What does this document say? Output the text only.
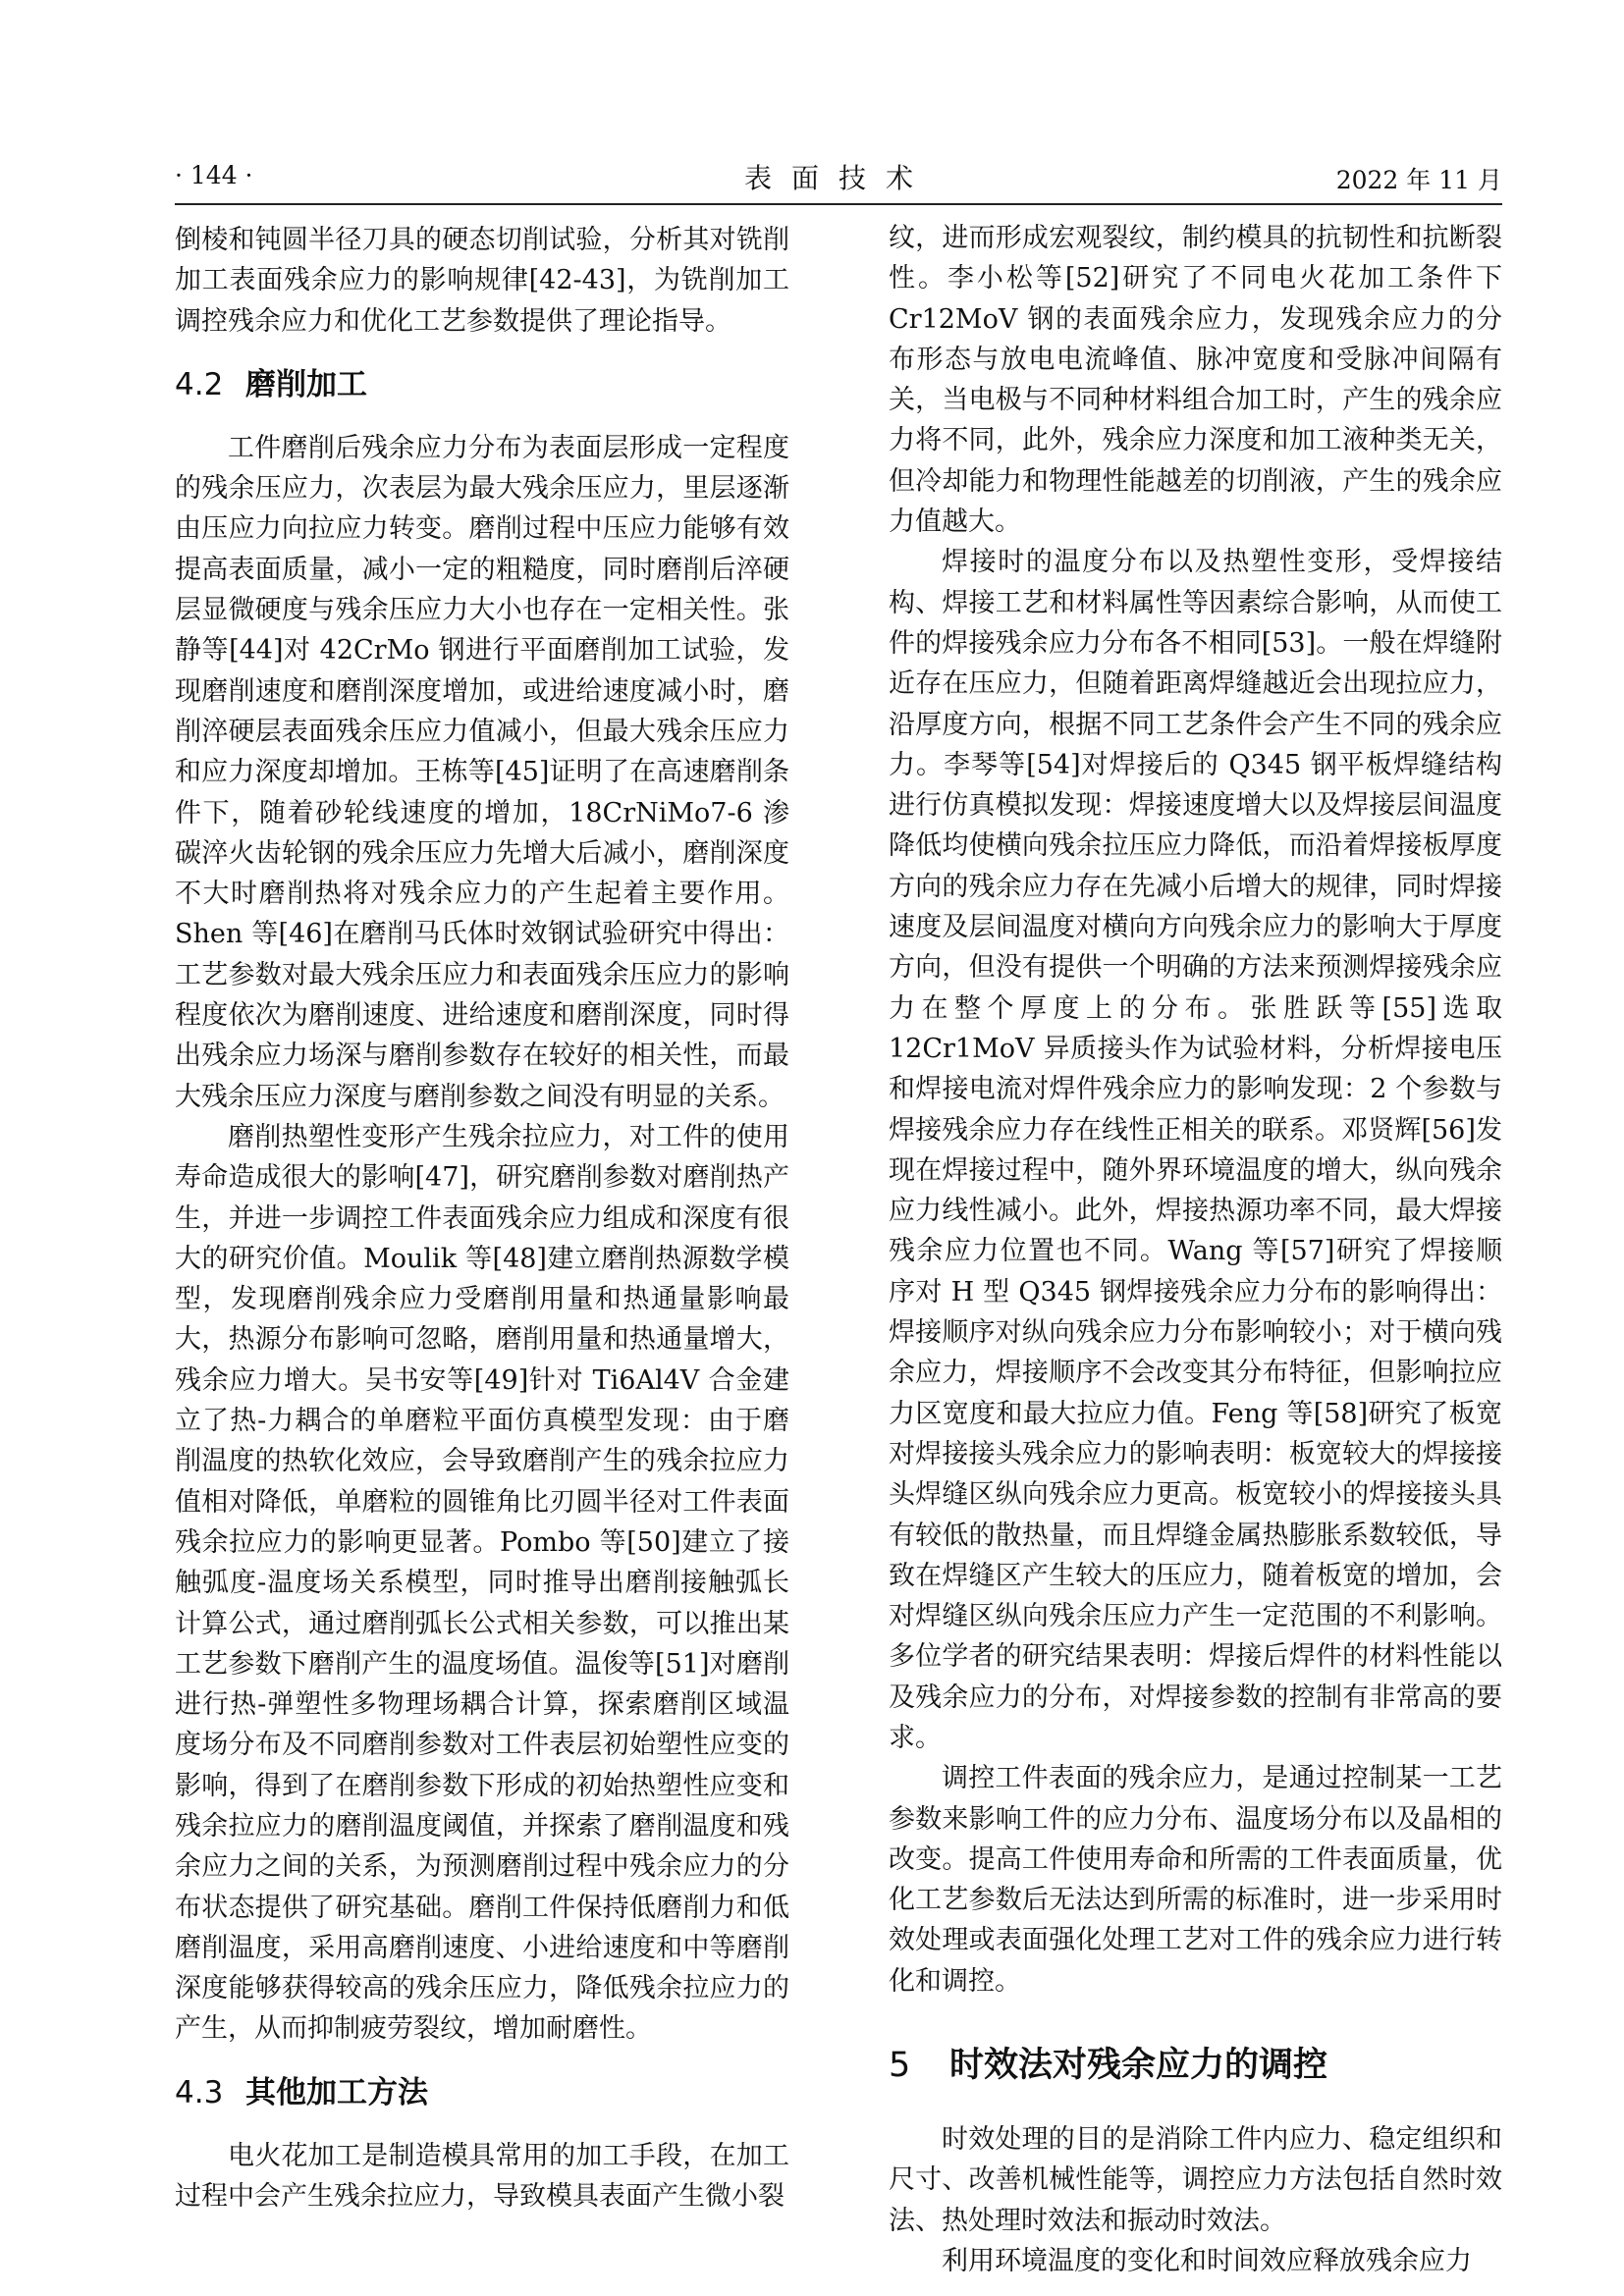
· 144 ·	表面技术	2022 年 11 月

倒棱和钝圆半径刀具的硬态切削试验，分析其对铣削加工表面残余应力的影响规律[42-43]，为铣削加工调控残余应力和优化工艺参数提供了理论指导。

4.2 磨削加工

工件磨削后残余应力分布为表面层形成一定程度的残余压应力，次表层为最大残余压应力，里层逐渐由压应力向拉应力转变。磨削过程中压应力能够有效提高表面质量，减小一定的粗糙度，同时磨削后淬硬层显微硬度与残余压应力大小也存在一定相关性。张静等[44]对 42CrMo 钢进行平面磨削加工试验，发现磨削速度和磨削深度增加，或进给速度减小时，磨削淬硬层表面残余压应力值减小，但最大残余压应力和应力深度却增加。王栋等[45]证明了在高速磨削条件下，随着砂轮线速度的增加，18CrNiMo7-6 渗碳淬火齿轮钢的残余压应力先增大后减小，磨削深度不大时磨削热将对残余应力的产生起着主要作用。Shen 等[46]在磨削马氏体时效钢试验研究中得出：工艺参数对最大残余压应力和表面残余压应力的影响程度依次为磨削速度、进给速度和磨削深度，同时得出残余应力场深与磨削参数存在较好的相关性，而最大残余压应力深度与磨削参数之间没有明显的关系。

磨削热塑性变形产生残余拉应力，对工件的使用寿命造成很大的影响[47]，研究磨削参数对磨削热产生，并进一步调控工件表面残余应力组成和深度有很大的研究价值。Moulik 等[48]建立磨削热源数学模型，发现磨削残余应力受磨削用量和热通量影响最大，热源分布影响可忽略，磨削用量和热通量增大，残余应力增大。吴书安等[49]针对 Ti6Al4V 合金建立了热-力耦合的单磨粒平面仿真模型发现：由于磨削温度的热软化效应，会导致磨削产生的残余拉应力值相对降低，单磨粒的圆锥角比刃圆半径对工件表面残余拉应力的影响更显著。Pombo 等[50]建立了接触弧度-温度场关系模型，同时推导出磨削接触弧长计算公式，通过磨削弧长公式相关参数，可以推出某工艺参数下磨削产生的温度场值。温俊等[51]对磨削进行热-弹塑性多物理场耦合计算，探索磨削区域温度场分布及不同磨削参数对工件表层初始塑性应变的影响，得到了在磨削参数下形成的初始热塑性应变和残余拉应力的磨削温度阈值，并探索了磨削温度和残余应力之间的关系，为预测磨削过程中残余应力的分布状态提供了研究基础。磨削工件保持低磨削力和低磨削温度，采用高磨削速度、小进给速度和中等磨削深度能够获得较高的残余压应力，降低残余拉应力的产生，从而抑制疲劳裂纹，增加耐磨性。

4.3 其他加工方法

电火花加工是制造模具常用的加工手段，在加工过程中会产生残余拉应力，导致模具表面产生微小裂

纹，进而形成宏观裂纹，制约模具的抗韧性和抗断裂性。李小松等[52]研究了不同电火花加工条件下 Cr12MoV 钢的表面残余应力，发现残余应力的分布形态与放电电流峰值、脉冲宽度和受脉冲间隔有关，当电极与不同种材料组合加工时，产生的残余应力将不同，此外，残余应力深度和加工液种类无关，但冷却能力和物理性能越差的切削液，产生的残余应力值越大。

焊接时的温度分布以及热塑性变形，受焊接结构、焊接工艺和材料属性等因素综合影响，从而使工件的焊接残余应力分布各不相同[53]。一般在焊缝附近存在压应力，但随着距离焊缝越近会出现拉应力，沿厚度方向，根据不同工艺条件会产生不同的残余应力。李琴等[54]对焊接后的 Q345 钢平板焊缝结构进行仿真模拟发现：焊接速度增大以及焊接层间温度降低均使横向残余拉压应力降低，而沿着焊接板厚度方向的残余应力存在先减小后增大的规律，同时焊接速度及层间温度对横向方向残余应力的影响大于厚度方向，但没有提供一个明确的方法来预测焊接残余应力在整个厚度上的分布。张胜跃等[55]选取 12Cr1MoV 异质接头作为试验材料，分析焊接电压和焊接电流对焊件残余应力的影响发现：2 个参数与焊接残余应力存在线性正相关的联系。邓贤辉[56]发现在焊接过程中，随外界环境温度的增大，纵向残余应力线性减小。此外，焊接热源功率不同，最大焊接残余应力位置也不同。Wang 等[57]研究了焊接顺序对 H 型 Q345 钢焊接残余应力分布的影响得出：焊接顺序对纵向残余应力分布影响较小；对于横向残余应力，焊接顺序不会改变其分布特征，但影响拉应力区宽度和最大拉应力值。Feng 等[58]研究了板宽对焊接接头残余应力的影响表明：板宽较大的焊接接头焊缝区纵向残余应力更高。板宽较小的焊接接头具有较低的散热量，而且焊缝金属热膨胀系数较低，导致在焊缝区产生较大的压应力，随着板宽的增加，会对焊缝区纵向残余压应力产生一定范围的不利影响。多位学者的研究结果表明：焊接后焊件的材料性能以及残余应力的分布，对焊接参数的控制有非常高的要求。

调控工件表面的残余应力，是通过控制某一工艺参数来影响工件的应力分布、温度场分布以及晶相的改变。提高工件使用寿命和所需的工件表面质量，优化工艺参数后无法达到所需的标准时，进一步采用时效处理或表面强化处理工艺对工件的残余应力进行转化和调控。

5 时效法对残余应力的调控

时效处理的目的是消除工件内应力、稳定组织和尺寸、改善机械性能等，调控应力方法包括自然时效法、热处理时效法和振动时效法。

利用环境温度的变化和时间效应释放残余应力
